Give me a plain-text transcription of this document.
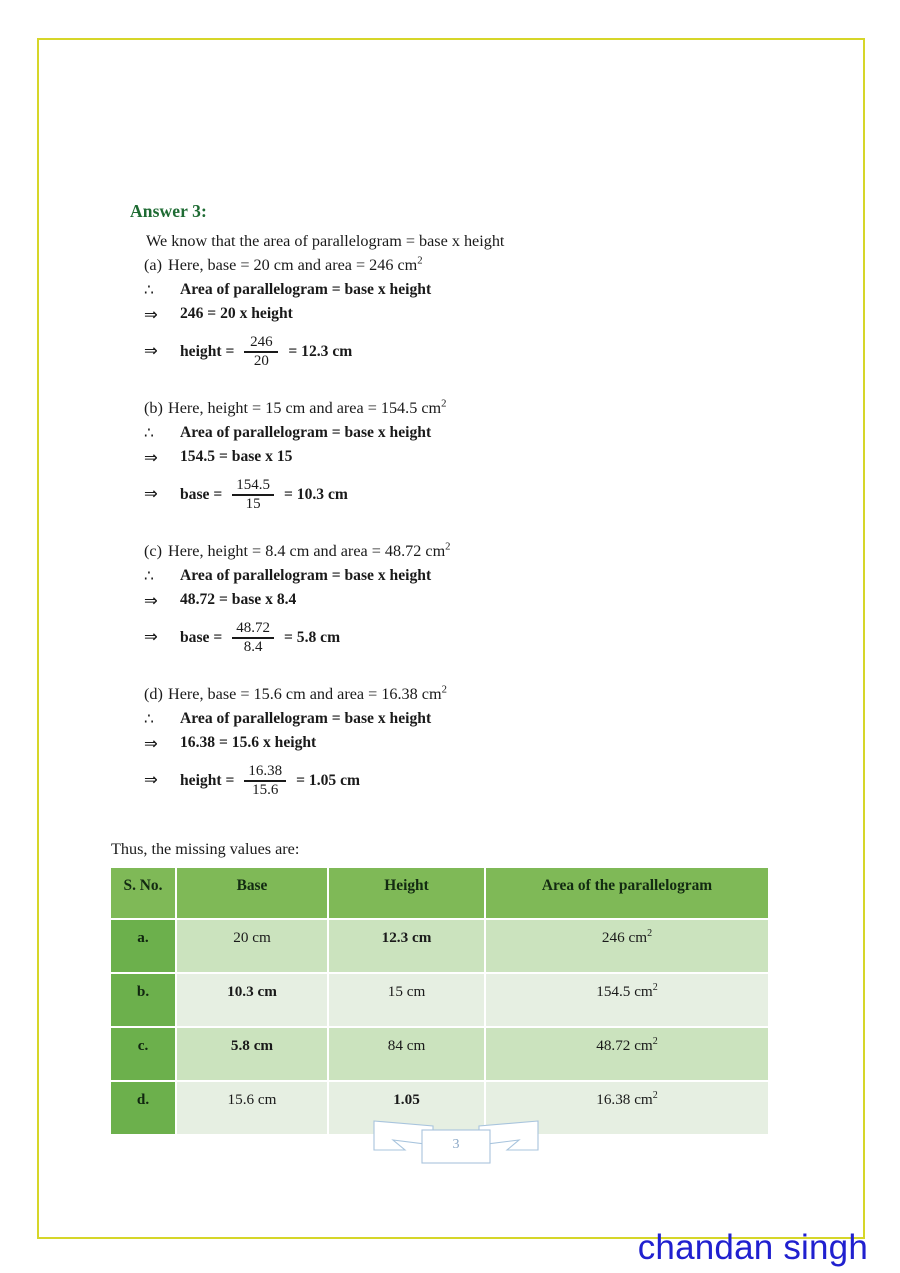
Answer 3:
We know that the area of parallelogram = base x height
(a) Here, base = 20 cm and area = 246 $cm^2$
∴	Area of parallelogram = base x height
⇒	246 = 20 x height
⇒	height = $\frac{246}{20} = 12.3$ cm
(b) Here, height = 15 cm and area = 154.5 $cm^2$
∴	Area of parallelogram = base x height
⇒	154.5 = base x 15
⇒	base = $\frac{154.5}{15} = 10.3$ cm
(c) Here, height = 8.4 cm and area = 48.72 $cm^2$
∴	Area of parallelogram = base x height
⇒	48.72 = base x 8.4
⇒	base = $\frac{48.72}{8.4} = 5.8$ cm
(d) Here, base = 15.6 cm and area = 16.38 $cm^2$
∴	Area of parallelogram = base x height
⇒	16.38 = 15.6 x height
⇒	height = $\frac{16.38}{15.6} = 1.05$ cm
Thus, the missing values are:
S. No.	Base	Height	Area of the parallelogram
a.	20 cm	12.3 cm	246 $cm^2$
b.	10.3 cm	15 cm	154.5 $cm^2$
c.	5.8 cm	84 cm	48.72 $cm^2$
d.	15.6 cm	1.05	16.38 $cm^2$
3
chandan singh
